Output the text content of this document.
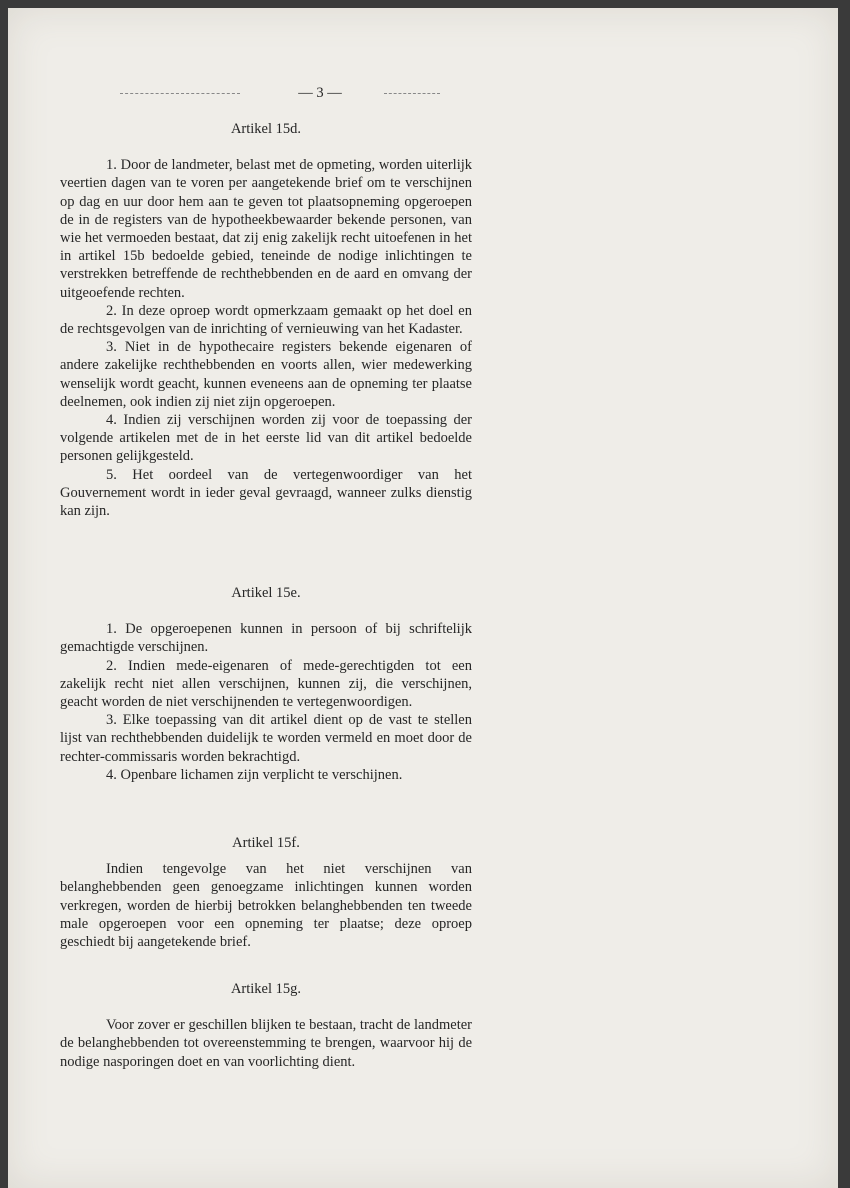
— 3 —
Artikel 15d.

1. Door de landmeter, belast met de opmeting, worden uiterlijk veertien dagen van te voren per aangetekende brief om te verschijnen op dag en uur door hem aan te geven tot plaatsopneming opgeroepen de in de registers van de hypotheekbewaarder bekende personen, van wie het vermoeden bestaat, dat zij enig zakelijk recht uitoefenen in het in artikel 15b bedoelde gebied, teneinde de nodige inlichtingen te verstrekken betreffende de rechthebbenden en de aard en omvang der uitgeoefende rechten.

2. In deze oproep wordt opmerkzaam gemaakt op het doel en de rechtsgevolgen van de inrichting of vernieuwing van het Kadaster.

3. Niet in de hypothecaire registers bekende eigenaren of andere zakelijke rechthebbenden en voorts allen, wier medewerking wenselijk wordt geacht, kunnen eveneens aan de opneming ter plaatse deelnemen, ook indien zij niet zijn opgeroepen.

4. Indien zij verschijnen worden zij voor de toepassing der volgende artikelen met de in het eerste lid van dit artikel bedoelde personen gelijkgesteld.

5. Het oordeel van de vertegenwoordiger van het Gouvernement wordt in ieder geval gevraagd, wanneer zulks dienstig kan zijn.

Artikel 15e.

1. De opgeroepenen kunnen in persoon of bij schriftelijk gemachtigde verschijnen.

2. Indien mede-eigenaren of mede-gerechtigden tot een zakelijk recht niet allen verschijnen, kunnen zij, die verschijnen, geacht worden de niet verschijnenden te vertegenwoordigen.

3. Elke toepassing van dit artikel dient op de vast te stellen lijst van rechthebbenden duidelijk te worden vermeld en moet door de rechter-commissaris worden bekrachtigd.

4. Openbare lichamen zijn verplicht te verschijnen.

Artikel 15f.

Indien tengevolge van het niet verschijnen van belanghebbenden geen genoegzame inlichtingen kunnen worden verkregen, worden de hierbij betrokken belanghebbenden ten tweede male opgeroepen voor een opneming ter plaatse; deze oproep geschiedt bij aangetekende brief.

Artikel 15g.

Voor zover er geschillen blijken te bestaan, tracht de landmeter de belanghebbenden tot overeenstemming te brengen, waarvoor hij de nodige nasporingen doet en van voorlichting dient.
